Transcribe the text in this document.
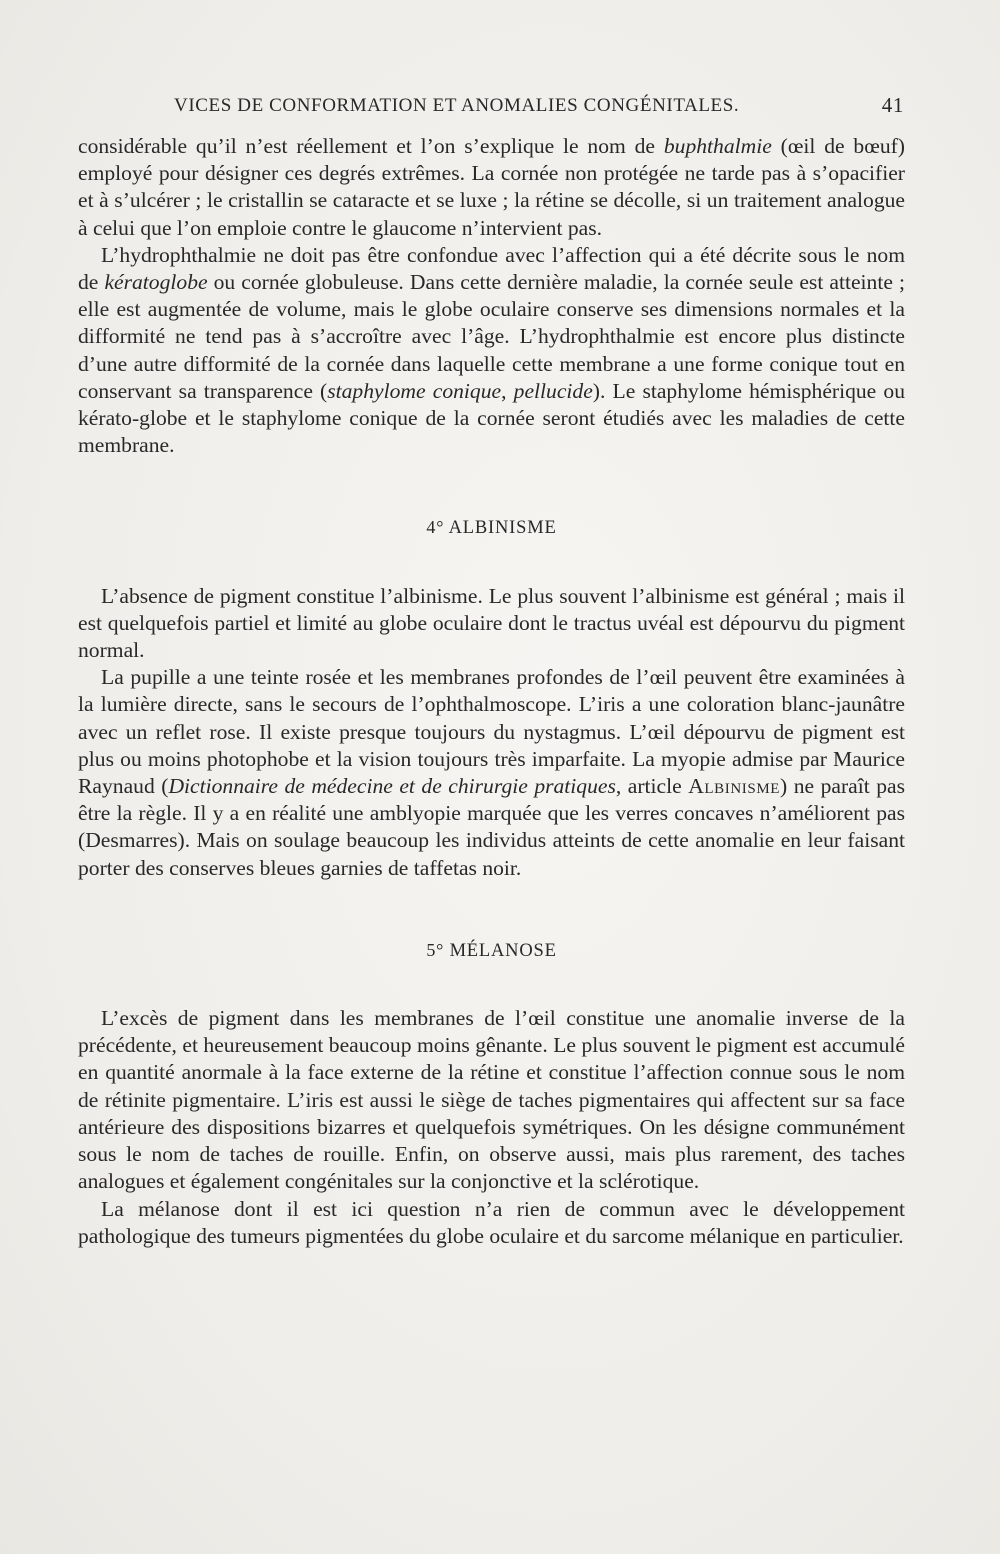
VICES DE CONFORMATION ET ANOMALIES CONGÉNITALES.	41

considérable qu’il n’est réellement et l’on s’explique le nom de buphthalmie (œil de bœuf) employé pour désigner ces degrés extrêmes. La cornée non protégée ne tarde pas à s’opacifier et à s’ulcérer ; le cristallin se cataracte et se luxe ; la rétine se décolle, si un traitement analogue à celui que l’on emploie contre le glaucome n’intervient pas.

L’hydrophthalmie ne doit pas être confondue avec l’affection qui a été décrite sous le nom de kératoglobe ou cornée globuleuse. Dans cette dernière maladie, la cornée seule est atteinte ; elle est augmentée de volume, mais le globe oculaire conserve ses dimensions normales et la difformité ne tend pas à s’accroître avec l’âge. L’hydrophthalmie est encore plus distincte d’une autre difformité de la cornée dans laquelle cette membrane a une forme conique tout en conservant sa transparence (staphylome conique, pellucide). Le staphylome hémisphérique ou kérato-globe et le staphylome conique de la cornée seront étudiés avec les maladies de cette membrane.

4° ALBINISME

L’absence de pigment constitue l’albinisme. Le plus souvent l’albinisme est général ; mais il est quelquefois partiel et limité au globe oculaire dont le tractus uvéal est dépourvu du pigment normal.

La pupille a une teinte rosée et les membranes profondes de l’œil peuvent être examinées à la lumière directe, sans le secours de l’ophthalmoscope. L’iris a une coloration blanc-jaunâtre avec un reflet rose. Il existe presque toujours du nystagmus. L’œil dépourvu de pigment est plus ou moins photophobe et la vision toujours très imparfaite. La myopie admise par Maurice Raynaud (Dictionnaire de médecine et de chirurgie pratiques, article Albinisme) ne paraît pas être la règle. Il y a en réalité une amblyopie marquée que les verres concaves n’améliorent pas (Desmarres). Mais on soulage beaucoup les individus atteints de cette anomalie en leur faisant porter des conserves bleues garnies de taffetas noir.

5° MÉLANOSE

L’excès de pigment dans les membranes de l’œil constitue une anomalie inverse de la précédente, et heureusement beaucoup moins gênante. Le plus souvent le pigment est accumulé en quantité anormale à la face externe de la rétine et constitue l’affection connue sous le nom de rétinite pigmentaire. L’iris est aussi le siège de taches pigmentaires qui affectent sur sa face antérieure des dispositions bizarres et quelquefois symétriques. On les désigne communément sous le nom de taches de rouille. Enfin, on observe aussi, mais plus rarement, des taches analogues et également congénitales sur la conjonctive et la sclérotique.

La mélanose dont il est ici question n’a rien de commun avec le développement pathologique des tumeurs pigmentées du globe oculaire et du sarcome mélanique en particulier.
